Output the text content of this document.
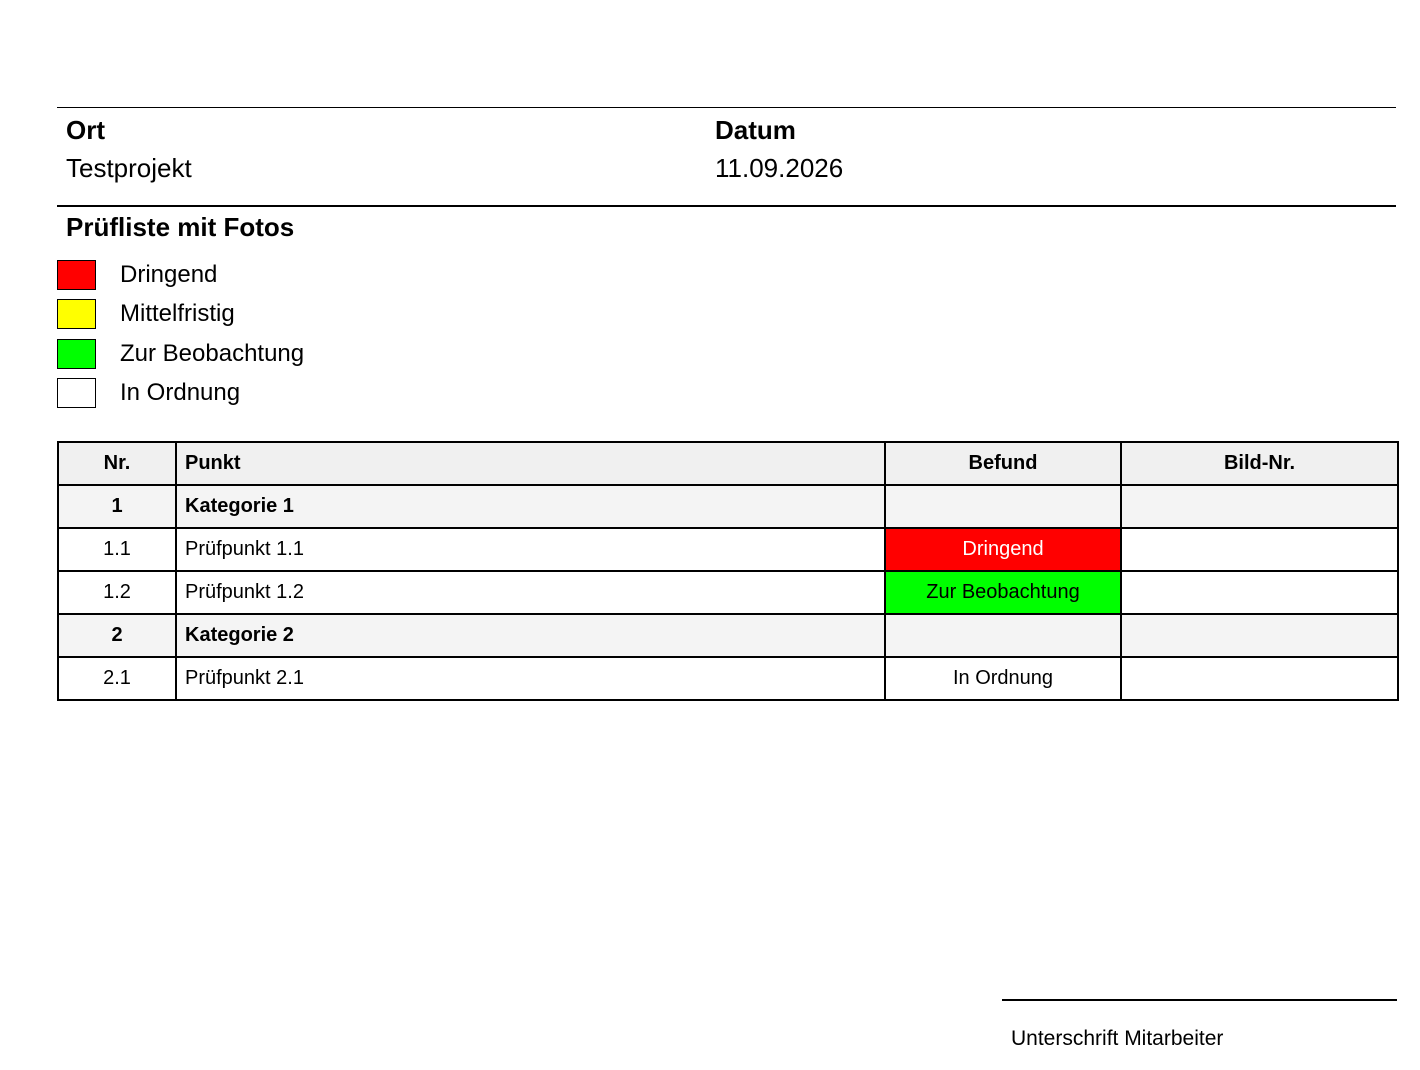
Ort
Testprojekt
Datum
11.09.2026
Prüfliste mit Fotos
Dringend
Mittelfristig
Zur Beobachtung
In Ordnung
Nr.	Punkt	Befund	Bild-Nr.
1	Kategorie 1		
1.1	Prüfpunkt 1.1	Dringend	
1.2	Prüfpunkt 1.2	Zur Beobachtung	
2	Kategorie 2		
2.1	Prüfpunkt 2.1	In Ordnung	
Unterschrift Mitarbeiter
